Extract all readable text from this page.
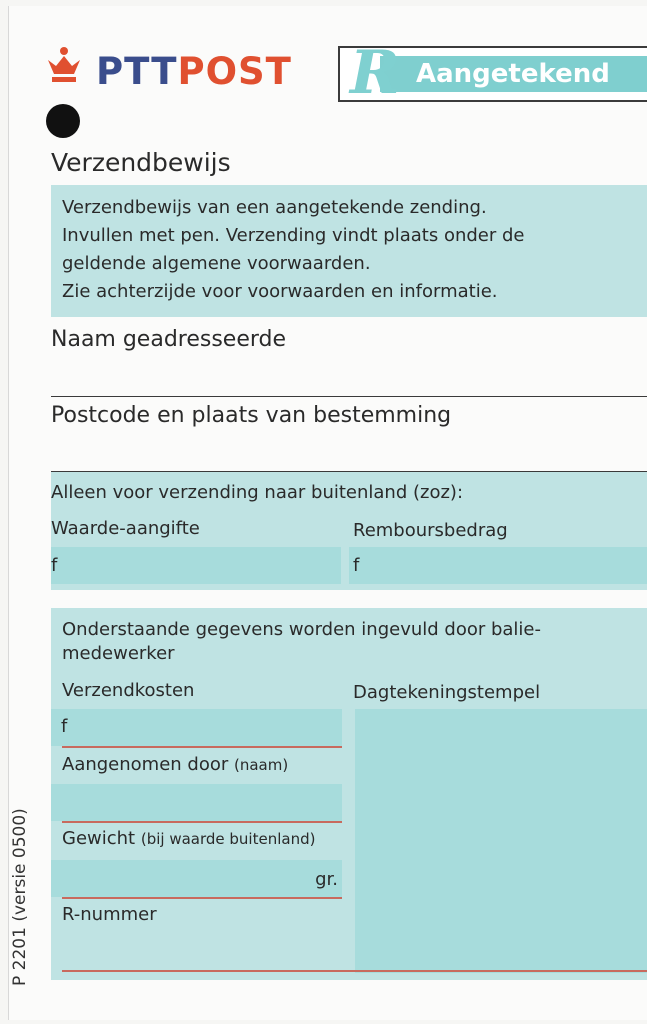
PTTPOST R Aangetekend
Verzendbewijs
Verzendbewijs van een aangetekende zending.
Invullen met pen. Verzending vindt plaats onder de
geldende algemene voorwaarden.
Zie achterzijde voor voorwaarden en informatie.
Naam geadresseerde
Postcode en plaats van bestemming
Alleen voor verzending naar buitenland (zoz):
Waarde-aangifte	Remboursbedrag
f	f
Onderstaande gegevens worden ingevuld door balie-
medewerker
Verzendkosten	Dagtekeningstempel
f
Aangenomen door (naam)
Gewicht (bij waarde buitenland)
gr.
R-nummer
P 2201 (versie 0500)
